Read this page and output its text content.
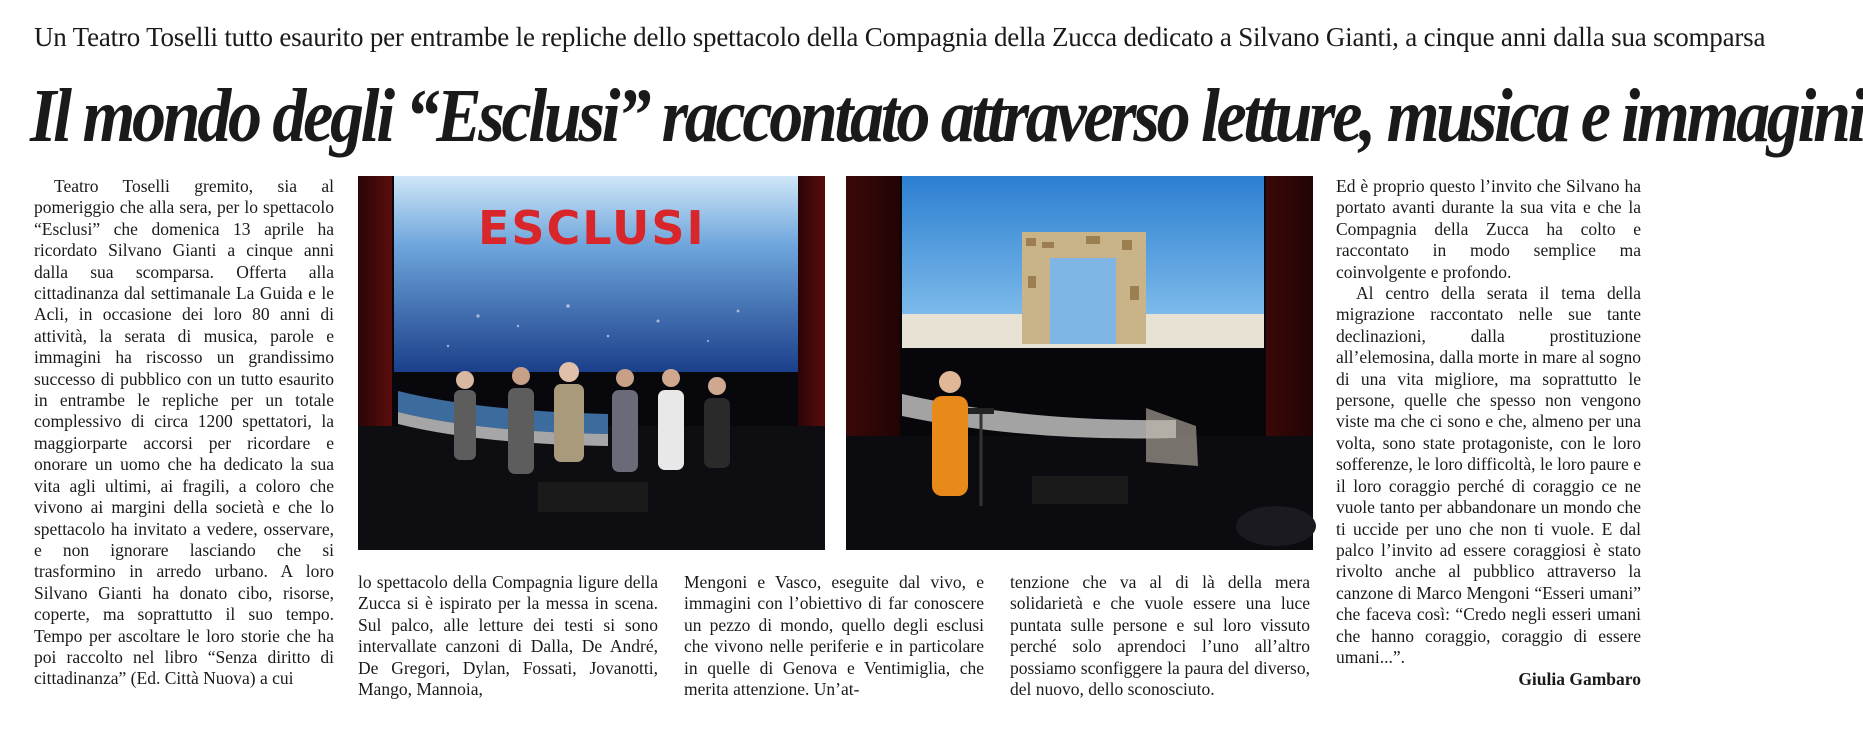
Un Teatro Toselli tutto esaurito per entrambe le repliche dello spettacolo della Compagnia della Zucca dedicato a Silvano Gianti, a cinque anni dalla sua scomparsa
Il mondo degli “Esclusi” raccontato attraverso letture, musica e immagini

Teatro Toselli gremito, sia al pomeriggio che alla sera, per lo spettacolo “Esclusi” che domenica 13 aprile ha ricordato Silvano Gianti a cinque anni dalla sua scomparsa. Offerta alla cittadinanza dal settimanale La Guida e le Acli, in occasione dei loro 80 anni di attività, la serata di musica, parole e immagini ha riscosso un grandissimo successo di pubblico con un tutto esaurito in entrambe le repliche per un totale complessivo di circa 1200 spettatori, la maggiorparte accorsi per ricordare e onorare un uomo che ha dedicato la sua vita agli ultimi, ai fragili, a coloro che vivono ai margini della società e che lo spettacolo ha invitato a vedere, osservare, e non ignorare lasciando che si trasformino in arredo urbano. A loro Silvano Gianti ha donato cibo, risorse, coperte, ma soprattutto il suo tempo. Tempo per ascoltare le loro storie che ha poi raccolto nel libro “Senza diritto di cittadinanza” (Ed. Città Nuova) a cui

ESCLUSI

lo spettacolo della Compagnia ligure della Zucca si è ispirato per la messa in scena. Sul palco, alle letture dei testi si sono intervallate canzoni di Dalla, De André, De Gregori, Dylan, Fossati, Jovanotti, Mango, Mannoia,

Mengoni e Vasco, eseguite dal vivo, e immagini con l’obiettivo di far conoscere un pezzo di mondo, quello degli esclusi che vivono nelle periferie e in particolare in quelle di Genova e Ventimiglia, che merita attenzione. Un’at-

tenzione che va al di là della mera solidarietà e che vuole essere una luce puntata sulle persone e sul loro vissuto perché solo aprendoci l’uno all’altro possiamo sconfiggere la paura del diverso, del nuovo, dello sconosciuto.

Ed è proprio questo l’invito che Silvano ha portato avanti durante la sua vita e che la Compagnia della Zucca ha colto e raccontato in modo semplice ma coinvolgente e profondo.

Al centro della serata il tema della migrazione raccontato nelle sue tante declinazioni, dalla prostituzione all’elemosina, dalla morte in mare al sogno di una vita migliore, ma soprattutto le persone, quelle che spesso non vengono viste ma che ci sono e che, almeno per una volta, sono state protagoniste, con le loro sofferenze, le loro difficoltà, le loro paure e il loro coraggio perché di coraggio ce ne vuole tanto per abbandonare un mondo che ti uccide per uno che non ti vuole. E dal palco l’invito ad essere coraggiosi è stato rivolto anche al pubblico attraverso la canzone di Marco Mengoni “Esseri umani” che faceva così: “Credo negli esseri umani che hanno coraggio, coraggio di essere umani...”.

Giulia Gambaro
